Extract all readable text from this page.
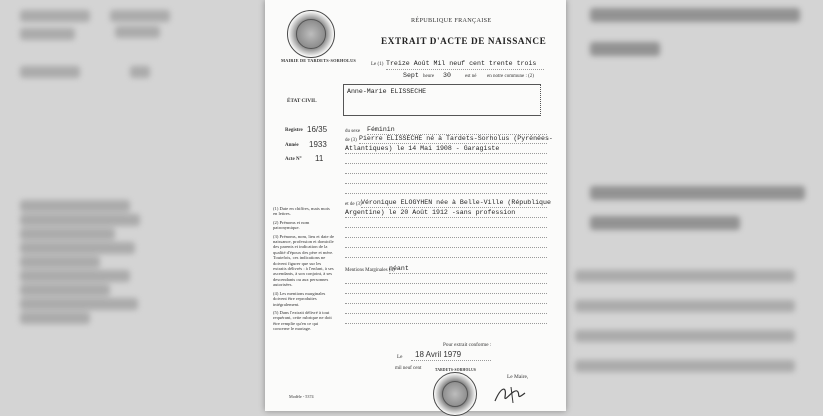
MAIRIE DE TARDETS-SORHOLUS
RÉPUBLIQUE FRANÇAISE
EXTRAIT D'ACTE DE NAISSANCE
Le (1) Treize Août Mil neuf cent trente trois
Sept heure 30	est né en notre commune : (2)
ÉTAT CIVIL
Anne-Marie ELISSECHE
Registre 16/35
Année 1933
Acte N° 11
du sexe Féminin
de (3) Pierre ELISSECHE né à Tardets-Sorholus (Pyrénées-
Atlantiques) le 14 Mai 1908 - Garagiste
et de (3) Véronique ELOGYHEN née à Belle-Ville (République
Argentine) le 20 Août 1912 -sans profession
Mentions Marginales (4)
néant

(1) Date en chiffres, mais mois en lettres.

(2) Prénoms et nom patronymique.

(3) Prénoms, nom, lieu et date de naissance, profession et domicile des parents et indication de la qualité d'époux des père et mère. Toutefois, ces indications ne doivent figurer que sur les extraits délivrés : à l'enfant, à ses ascendants, à son conjoint, à ses descendants ou aux personnes autorisées.

(4) Les mentions marginales doivent être reproduites intégralement.

(5) Dans l'extrait délivré à tout requérant, cette rubrique ne doit être remplie qu'en ce qui concerne le mariage.

Pour extrait conforme :
Le 18 Avril 1979
mil neuf cent
Le Maire,
TARDETS-SORHOLUS
Modèle - 5374
